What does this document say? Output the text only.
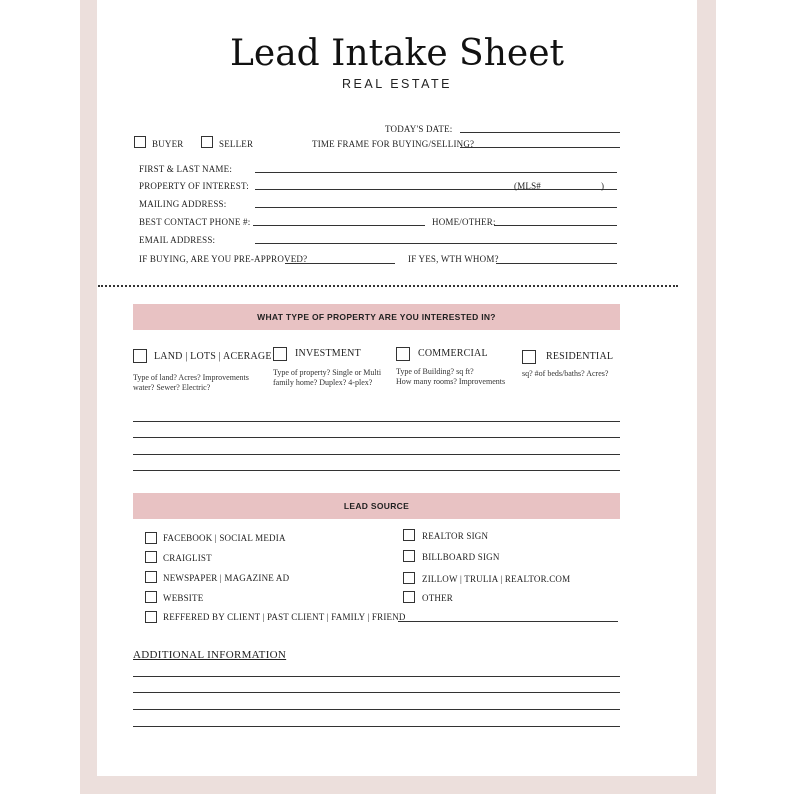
Lead Intake Sheet
REAL ESTATE
BUYER	SELLER
TODAY'S DATE:
TIME FRAME FOR BUYING/SELLING?
FIRST & LAST NAME:
PROPERTY OF INTEREST:	(MLS#	)
MAILING ADDRESS:
BEST CONTACT PHONE #:	HOME/OTHER:
EMAIL ADDRESS:
IF BUYING, ARE YOU PRE-APPROVED?	IF YES, WTH WHOM?
WHAT TYPE OF PROPERTY ARE YOU INTERESTED IN?
LAND | LOTS | ACERAGE
Type of land? Acres? Improvements
water? Sewer? Electric?
INVESTMENT
Type of property? Single or Multi
family home? Duplex? 4-plex?
COMMERCIAL
Type of Building? sq ft?
How many rooms? Improvements
RESIDENTIAL
sq? #of beds/baths? Acres?
LEAD SOURCE
FACEBOOK | SOCIAL MEDIA
CRAIGLIST
NEWSPAPER | MAGAZINE AD
WEBSITE
REFFERED BY CLIENT | PAST CLIENT | FAMILY | FRIEND
REALTOR SIGN
BILLBOARD SIGN
ZILLOW | TRULIA | REALTOR.COM
OTHER
ADDITIONAL INFORMATION
